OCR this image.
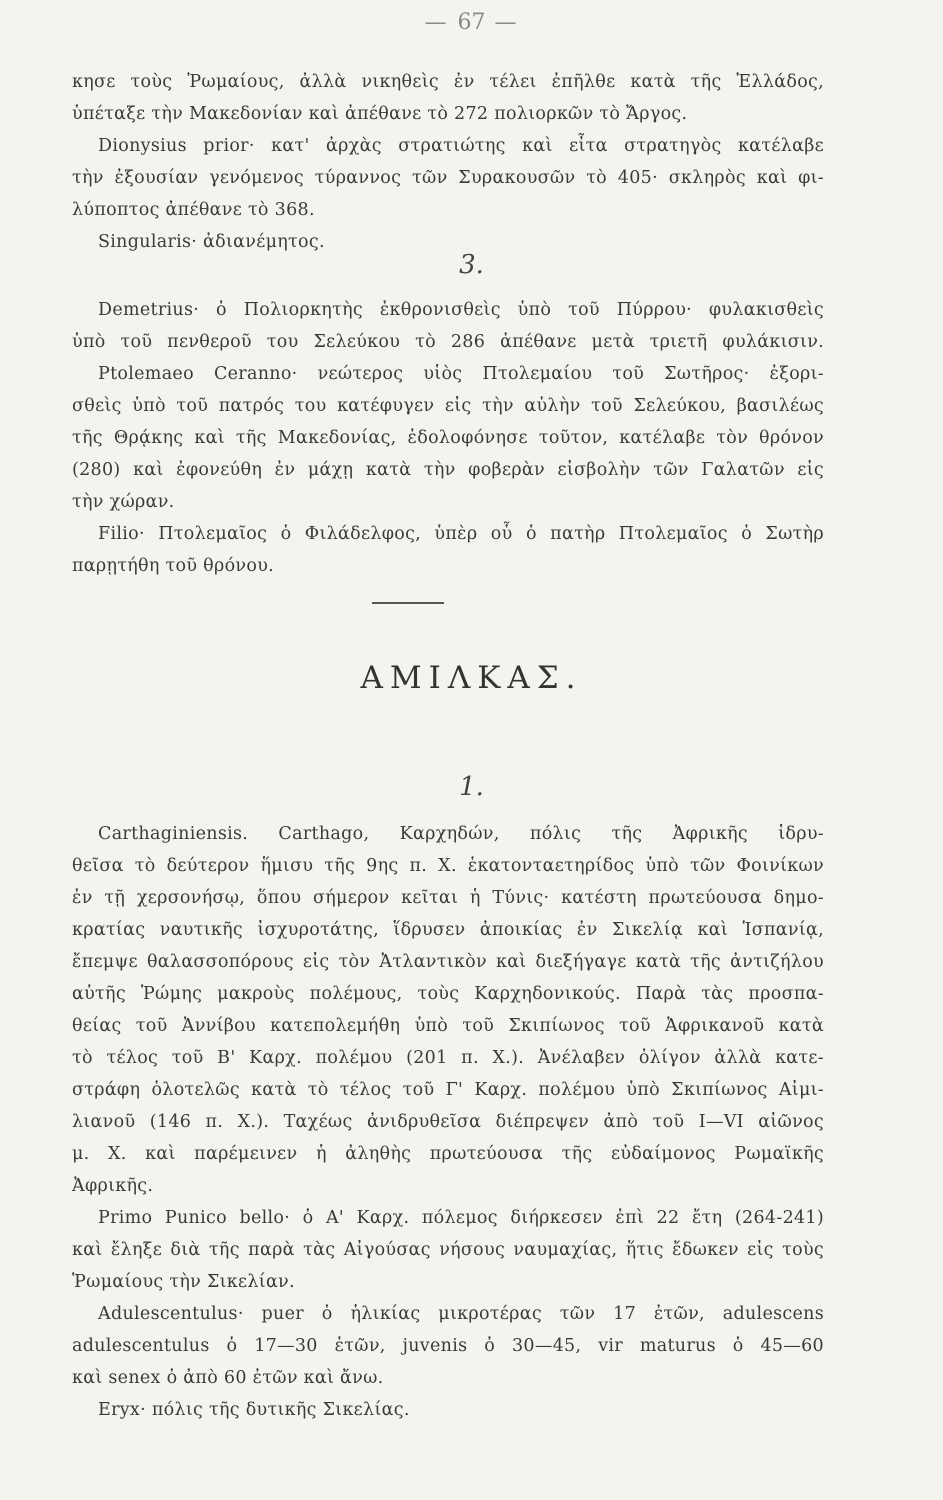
— 67 —
κησε τοὺς Ῥωμαίους, ἀλλὰ νικηθεὶς ἐν τέλει ἐπῆλθε κατὰ τῆς Ἑλλάδος,
ὑπέταξε τὴν Μακεδονίαν καὶ ἀπέθανε τὸ 272 πολιορκῶν τὸ Ἄργος.
Dionysius prior· κατ' ἀρχὰς στρατιώτης καὶ εἶτα στρατηγὸς κατέλαβε
τὴν ἐξουσίαν γενόμενος τύραννος τῶν Συρακουσῶν τὸ 405· σκληρὸς καὶ φι-
λύποπτος ἀπέθανε τὸ 368.
Singularis· ἀδιανέμητος.
3.
Demetrius· ὁ Πολιορκητὴς ἐκθρονισθεὶς ὑπὸ τοῦ Πύρρου· φυλακισθεὶς
ὑπὸ τοῦ πενθεροῦ του Σελεύκου τὸ 286 ἀπέθανε μετὰ τριετῆ φυλάκισιν.
Ptolemaeo Ceranno· νεώτερος υἱὸς Πτολεμαίου τοῦ Σωτῆρος· ἐξορι-
σθεὶς ὑπὸ τοῦ πατρός του κατέφυγεν εἰς τὴν αὐλὴν τοῦ Σελεύκου, βασιλέως
τῆς Θρᾴκης καὶ τῆς Μακεδονίας, ἐδολοφόνησε τοῦτον, κατέλαβε τὸν θρόνον
(280) καὶ ἐφονεύθη ἐν μάχῃ κατὰ τὴν φοβερὰν εἰσβολὴν τῶν Γαλατῶν εἰς
τὴν χώραν.
Filio· Πτολεμαῖος ὁ Φιλάδελφος, ὑπὲρ οὗ ὁ πατὴρ Πτολεμαῖος ὁ Σωτὴρ
παρῃτήθη τοῦ θρόνου.
ΑΜΙΛΚΑΣ.
1.
Carthaginiensis. Carthago, Καρχηδών, πόλις τῆς Ἀφρικῆς ἱδρυ-
θεῖσα τὸ δεύτερον ἥμισυ τῆς 9ης π. Χ. ἑκατονταετηρίδος ὑπὸ τῶν Φοινίκων
ἐν τῇ χερσονήσῳ, ὅπου σήμερον κεῖται ἡ Τύνις· κατέστη πρωτεύουσα δημο-
κρατίας ναυτικῆς ἰσχυροτάτης, ἵδρυσεν ἀποικίας ἐν Σικελίᾳ καὶ Ἱσπανίᾳ,
ἔπεμψε θαλασσοπόρους εἰς τὸν Ἀτλαντικὸν καὶ διεξήγαγε κατὰ τῆς ἀντιζήλου
αὐτῆς Ῥώμης μακροὺς πολέμους, τοὺς Καρχηδονικούς. Παρὰ τὰς προσπα-
θείας τοῦ Ἀννίβου κατεπολεμήθη ὑπὸ τοῦ Σκιπίωνος τοῦ Ἀφρικανοῦ κατὰ
τὸ τέλος τοῦ Β' Καρχ. πολέμου (201 π. Χ.). Ἀνέλαβεν ὀλίγον ἀλλὰ κατε-
στράφη ὁλοτελῶς κατὰ τὸ τέλος τοῦ Γ' Καρχ. πολέμου ὑπὸ Σκιπίωνος Αἰμι-
λιανοῦ (146 π. Χ.). Ταχέως ἀνιδρυθεῖσα διέπρεψεν ἀπὸ τοῦ I—VI αἰῶνος
μ. Χ. καὶ παρέμεινεν ἡ ἀληθὴς πρωτεύουσα τῆς εὐδαίμονος Ρωμαϊκῆς
Ἀφρικῆς.
Primo Punico bello· ὁ Α' Καρχ. πόλεμος διήρκεσεν ἐπὶ 22 ἔτη (264-241)
καὶ ἔληξε διὰ τῆς παρὰ τὰς Αἰγούσας νήσους ναυμαχίας, ἥτις ἔδωκεν εἰς τοὺς
Ῥωμαίους τὴν Σικελίαν.
Adulescentulus· puer ὁ ἡλικίας μικροτέρας τῶν 17 ἐτῶν, adulescens
adulescentulus ὁ 17—30 ἐτῶν, juvenis ὁ 30—45, vir maturus ὁ 45—60
καὶ senex ὁ ἀπὸ 60 ἐτῶν καὶ ἄνω.
Eryx· πόλις τῆς δυτικῆς Σικελίας.
